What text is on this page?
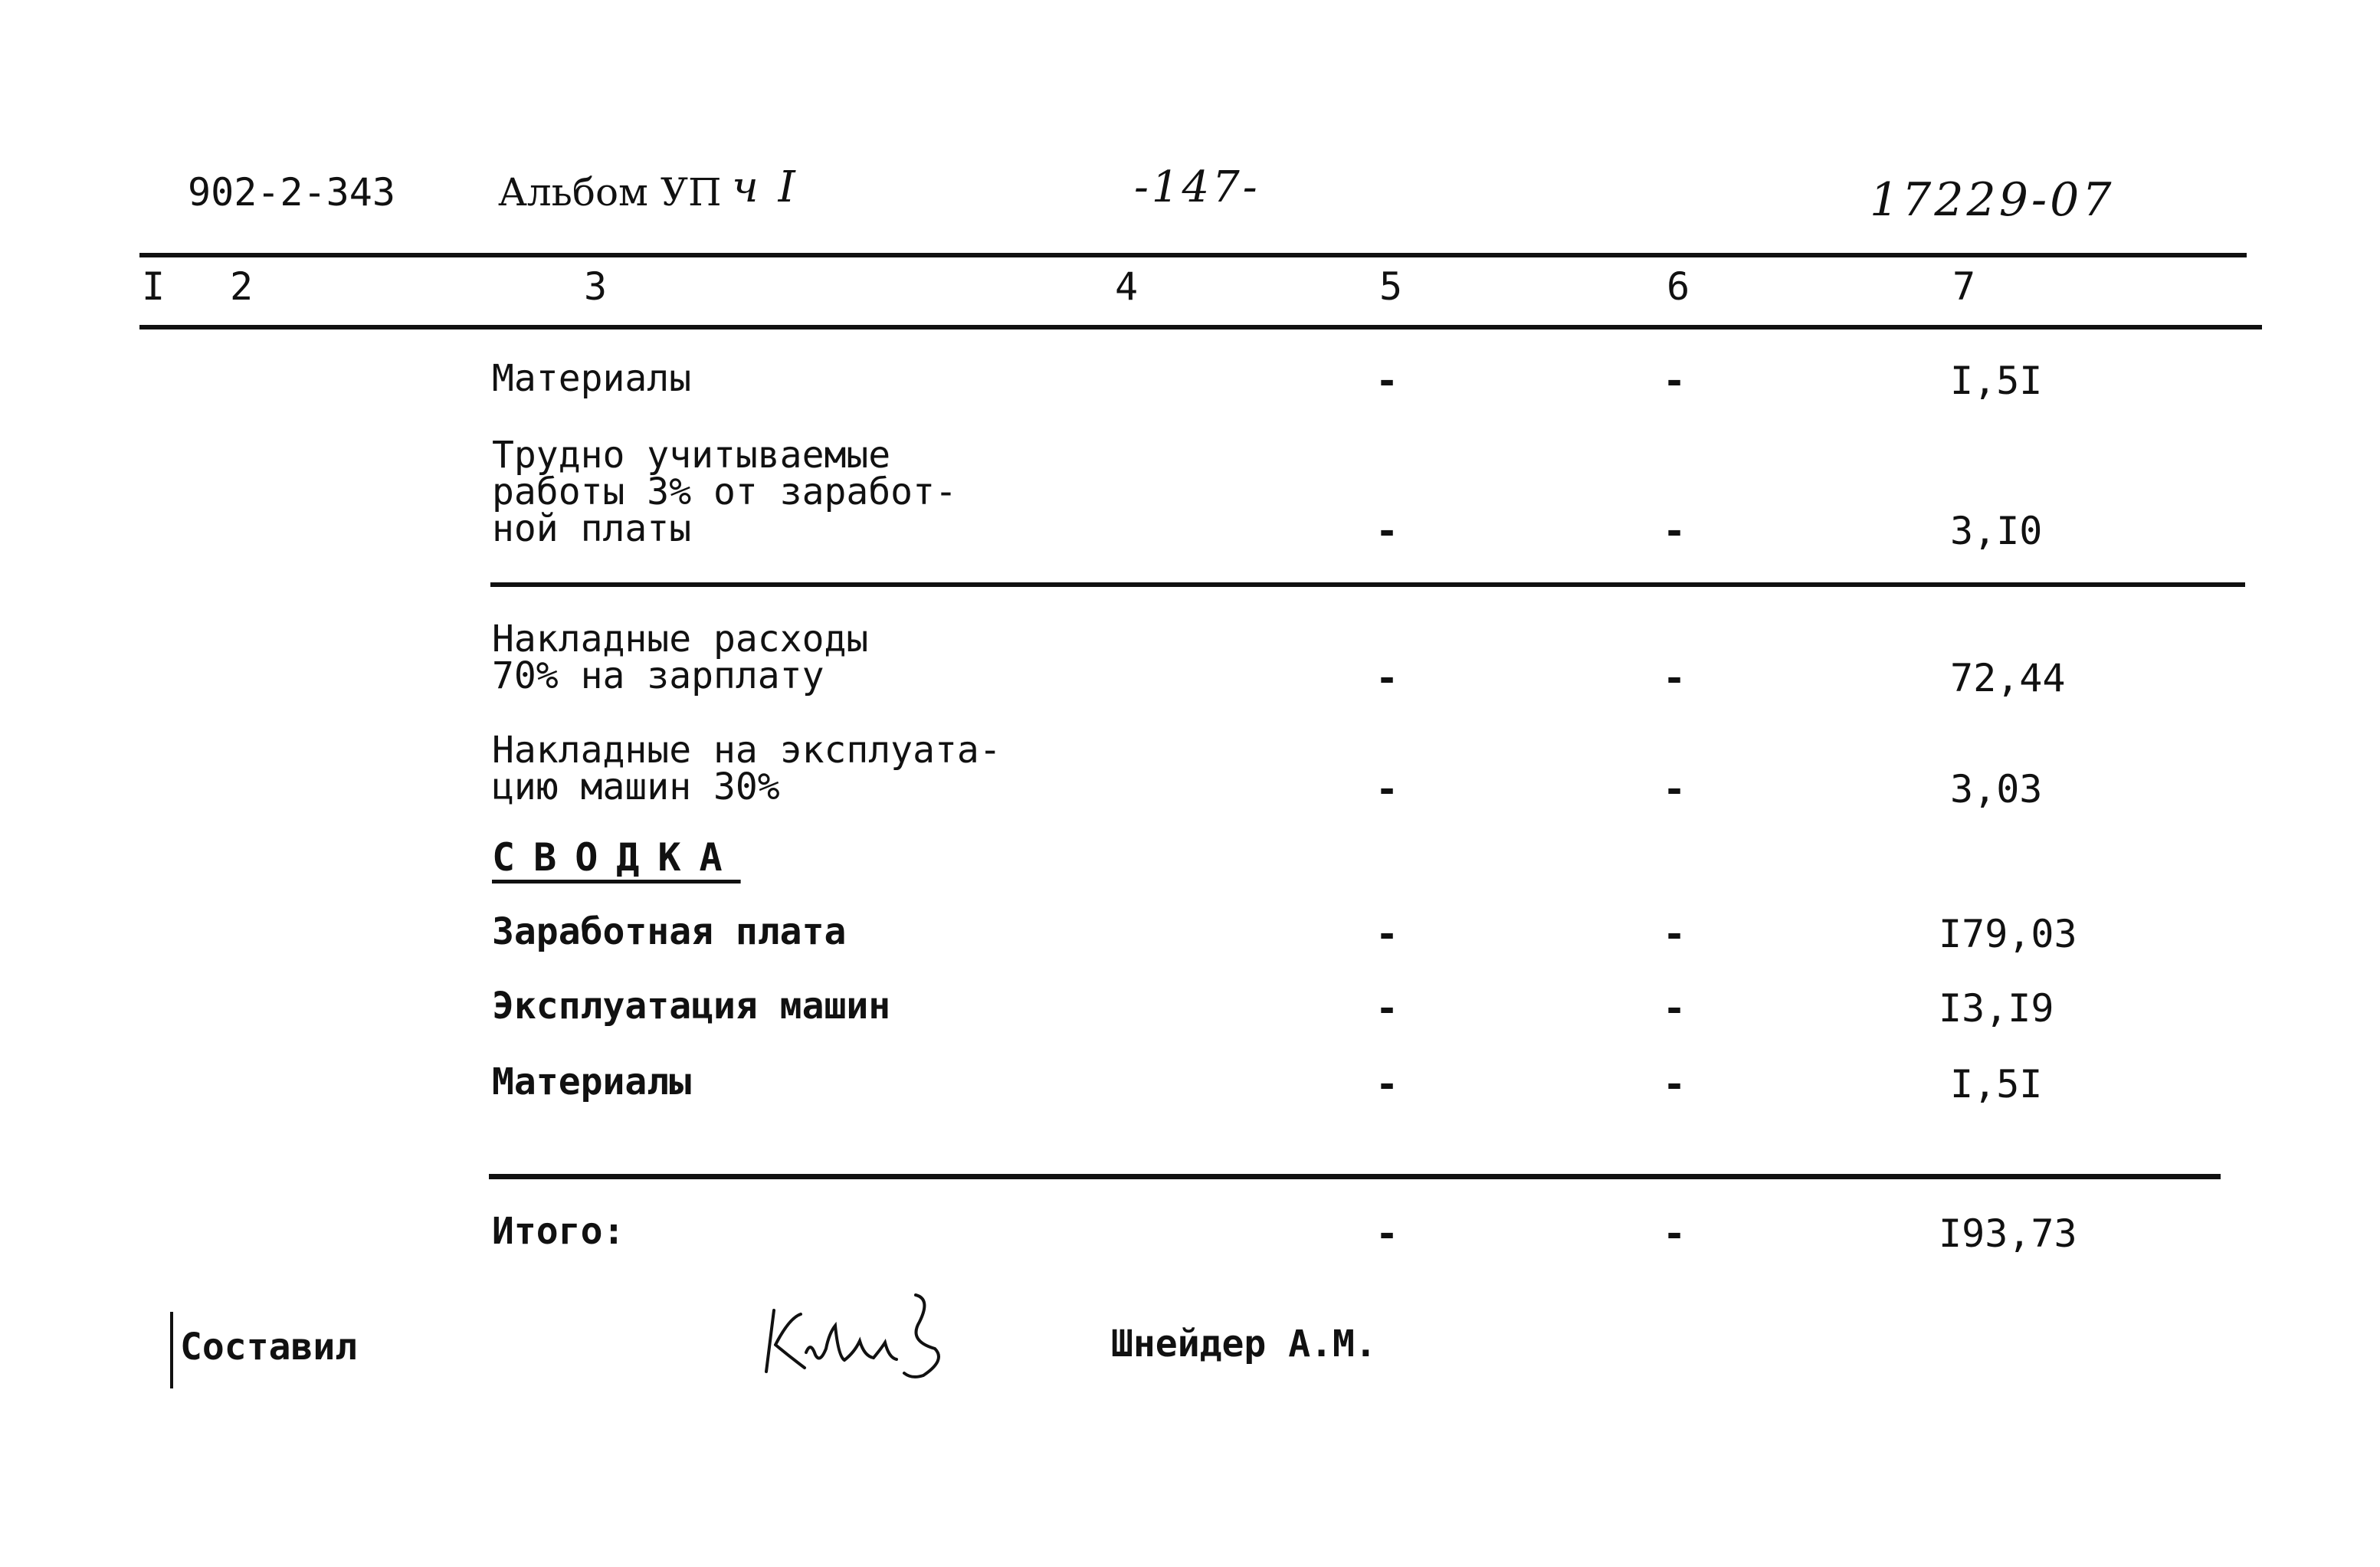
902-2-343	Альбом УП ч I	-147-	17229-07
I 2	3	4	5	6	7
Материалы	-	-	I,5I
Трудно учитываемые
работы 3% от заработ-
ной платы	-	-	3,I0
Накладные расходы
70% на зарплату	-	-	72,44
Накладные на эксплуата-
цию машин 30%	-	-	3,03
СВОДКА
Заработная плата	-	-	I79,03
Эксплуатация машин	-	-	I3,I9
Материалы	-	-	I,5I
Итого:	-	-	I93,73
Составил	Шнейдер А.М.
